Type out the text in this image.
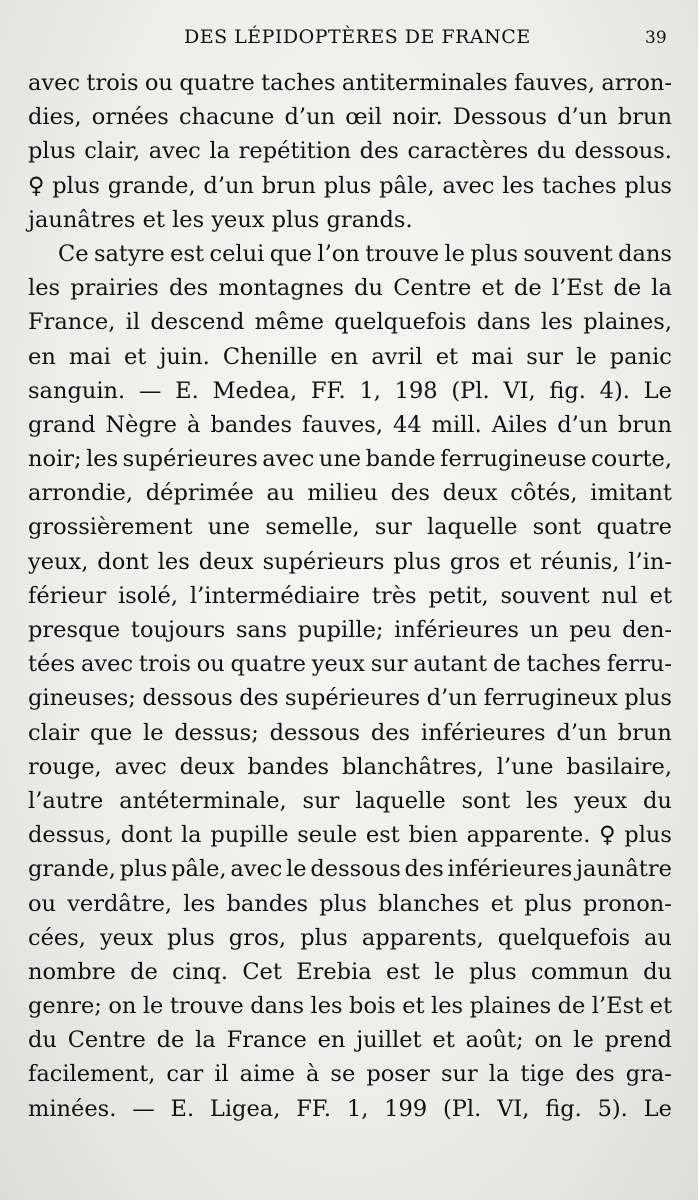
DES LÉPIDOPTÈRES DE FRANCE	39
avec trois ou quatre taches antiterminales fauves, arron-
dies, ornées chacune d’un œil noir. Dessous d’un brun
plus clair, avec la repétition des caractères du dessous.
♀ plus grande, d’un brun plus pâle, avec les taches plus
jaunâtres et les yeux plus grands.
Ce satyre est celui que l’on trouve le plus souvent dans
les prairies des montagnes du Centre et de l’Est de la
France, il descend même quelquefois dans les plaines,
en mai et juin. Chenille en avril et mai sur le panic
sanguin. — E. Medea, FF. 1, 198 (Pl. VI, fig. 4). Le
grand Nègre à bandes fauves, 44 mill. Ailes d’un brun
noir; les supérieures avec une bande ferrugineuse courte,
arrondie, déprimée au milieu des deux côtés, imitant
grossièrement une semelle, sur laquelle sont quatre
yeux, dont les deux supérieurs plus gros et réunis, l’in-
férieur isolé, l’intermédiaire très petit, souvent nul et
presque toujours sans pupille; inférieures un peu den-
tées avec trois ou quatre yeux sur autant de taches ferru-
gineuses; dessous des supérieures d’un ferrugineux plus
clair que le dessus; dessous des inférieures d’un brun
rouge, avec deux bandes blanchâtres, l’une basilaire,
l’autre antéterminale, sur laquelle sont les yeux du
dessus, dont la pupille seule est bien apparente. ♀ plus
grande, plus pâle, avec le dessous des inférieures jaunâtre
ou verdâtre, les bandes plus blanches et plus pronon-
cées, yeux plus gros, plus apparents, quelquefois au
nombre de cinq. Cet Erebia est le plus commun du
genre; on le trouve dans les bois et les plaines de l’Est et
du Centre de la France en juillet et août; on le prend
facilement, car il aime à se poser sur la tige des gra-
minées. — E. Ligea, FF. 1, 199 (Pl. VI, fig. 5). Le
